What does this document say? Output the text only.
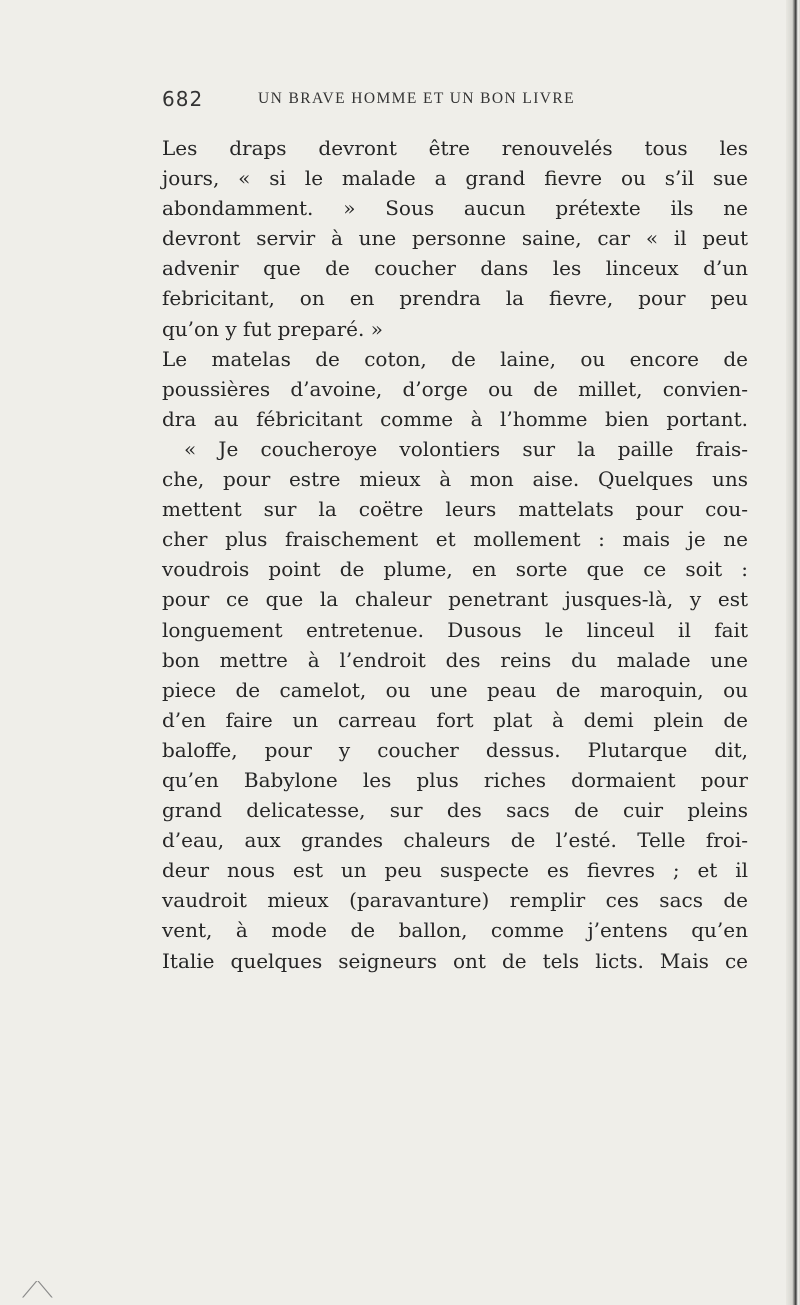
⟋⟍
682	UN BRAVE HOMME ET UN BON LIVRE
Les draps devront être renouvelés tous les
jours, « si le malade a grand fievre ou s’il sue
abondamment. » Sous aucun prétexte ils ne
devront servir à une personne saine, car « il peut
advenir que de coucher dans les linceux d’un
febricitant, on en prendra la fievre, pour peu
qu’on y fut preparé. »
Le matelas de coton, de laine, ou encore de
poussières d’avoine, d’orge ou de millet, convien-
dra au fébricitant comme à l’homme bien portant.
« Je coucheroye volontiers sur la paille frais-
che, pour estre mieux à mon aise. Quelques uns
mettent sur la coëtre leurs mattelats pour cou-
cher plus fraischement et mollement : mais je ne
voudrois point de plume, en sorte que ce soit :
pour ce que la chaleur penetrant jusques-là, y est
longuement entretenue. Dusous le linceul il fait
bon mettre à l’endroit des reins du malade une
piece de camelot, ou une peau de maroquin, ou
d’en faire un carreau fort plat à demi plein de
baloffe, pour y coucher dessus. Plutarque dit,
qu’en Babylone les plus riches dormaient pour
grand delicatesse, sur des sacs de cuir pleins
d’eau, aux grandes chaleurs de l’esté. Telle froi-
deur nous est un peu suspecte es fievres ; et il
vaudroit mieux (paravanture) remplir ces sacs de
vent, à mode de ballon, comme j’entens qu’en
Italie quelques seigneurs ont de tels licts. Mais ce
